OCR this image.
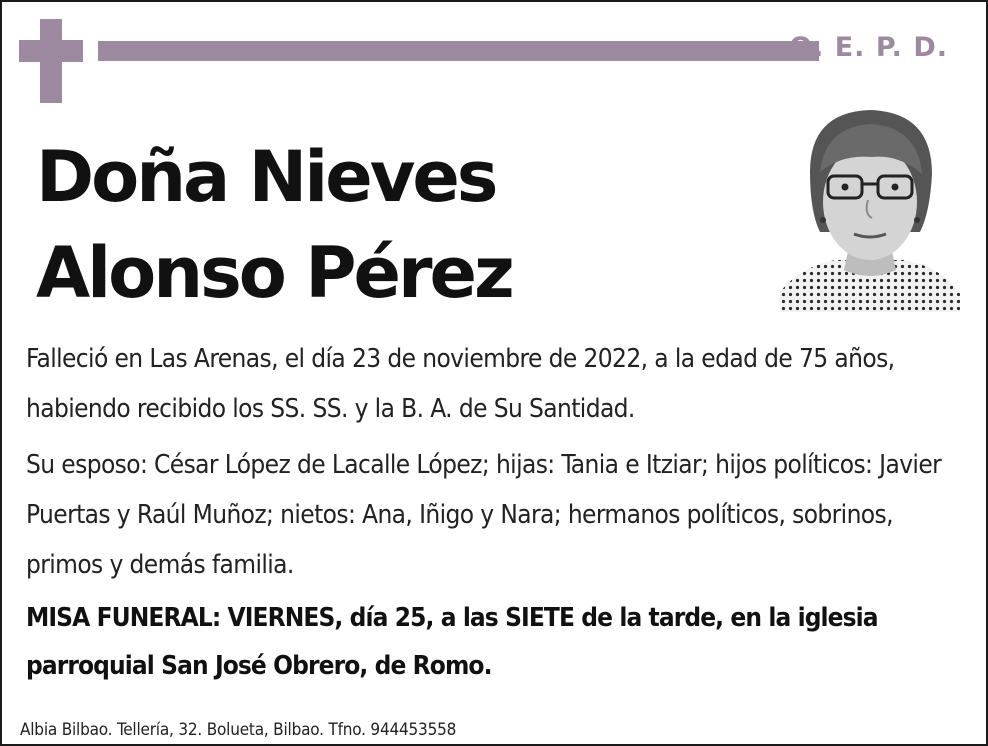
Q. E. P. D.
Doña Nieves
Alonso Pérez

Falleció en Las Arenas, el día 23 de noviembre de 2022, a la edad de 75 años, habiendo recibido los SS. SS. y la B. A. de Su Santidad.

Su esposo: César López de Lacalle López; hijas: Tania e Itziar; hijos políticos: Javier Puertas y Raúl Muñoz; nietos: Ana, Iñigo y Nara; hermanos políticos, sobrinos, primos y demás familia.

MISA FUNERAL: VIERNES, día 25, a las SIETE de la tarde, en la iglesia parroquial San José Obrero, de Romo.

Albia Bilbao. Tellería, 32. Bolueta, Bilbao. Tfno. 944453558
